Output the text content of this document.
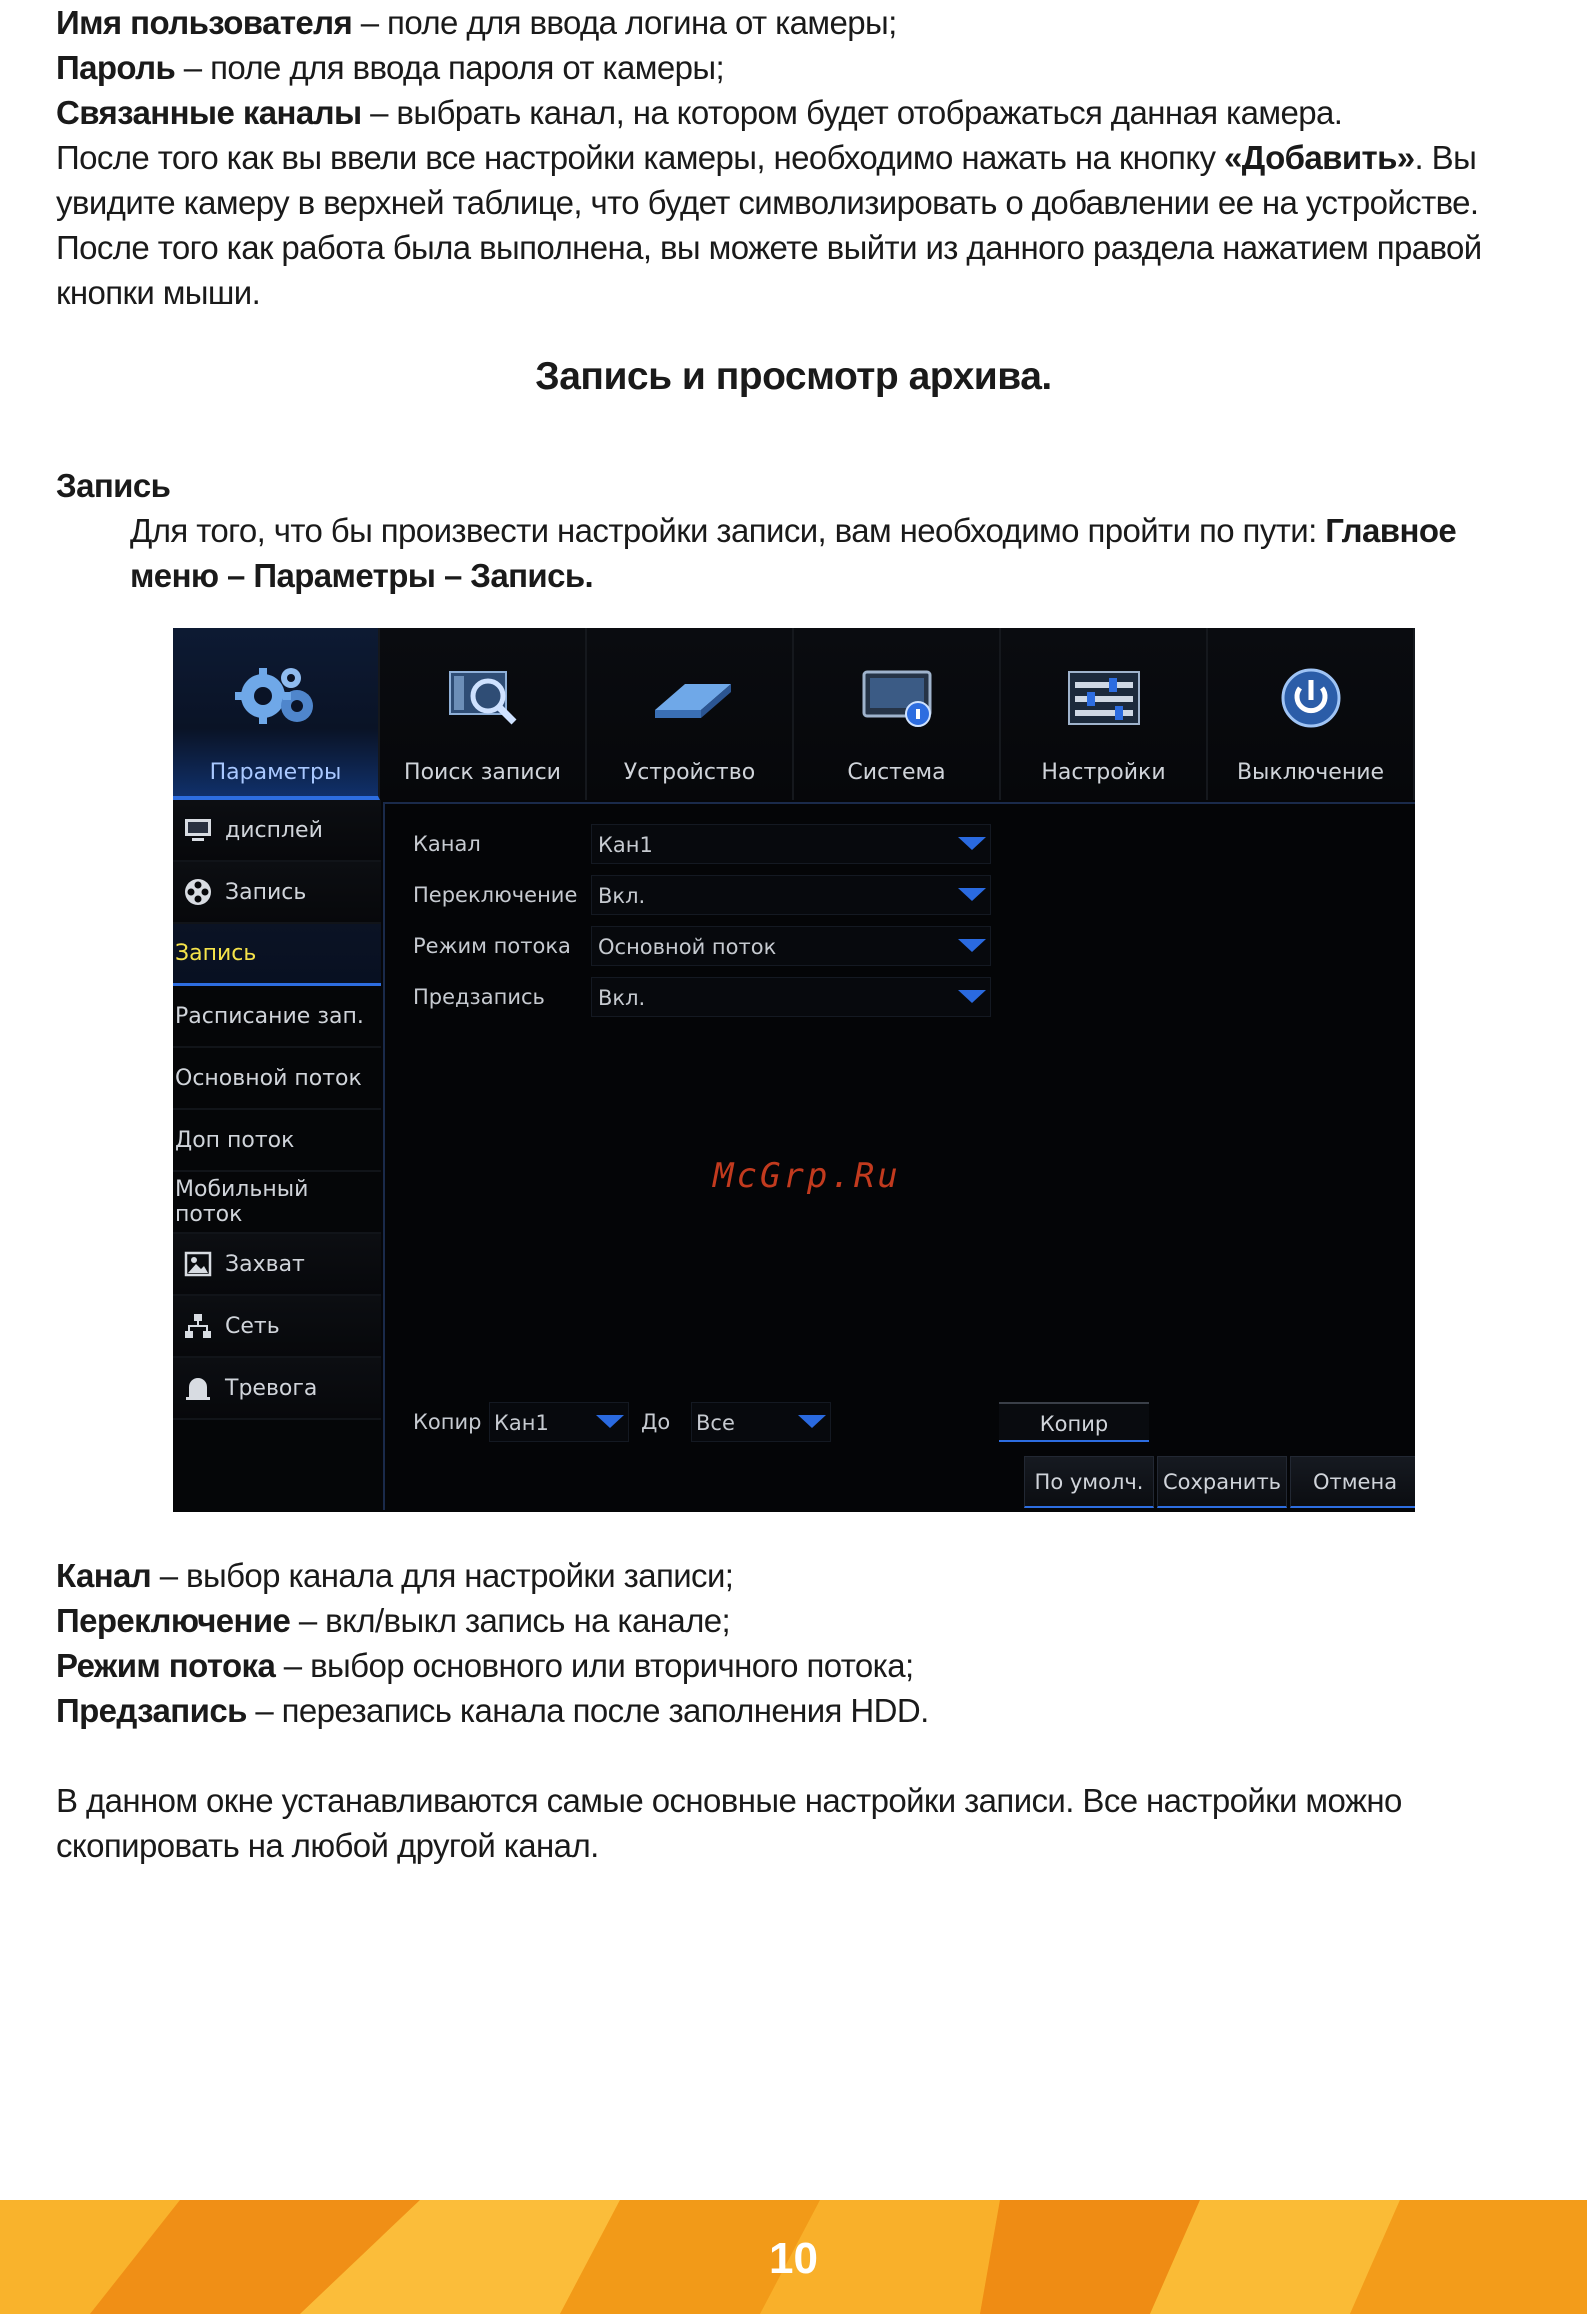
Имя пользователя – поле для ввода логина от камеры;

Пароль – поле для ввода пароля от камеры;

Связанные каналы – выбрать канал, на котором будет отображаться данная камера.

После того как вы ввели все настройки камеры, необходимо нажать на кнопку «Добавить». Вы увидите камеру в верхней таблице, что будет символизировать о добавлении ее на устройстве. После того как работа была выполнена, вы можете выйти из данного раздела нажатием правой кнопки мыши.

Запись и просмотр архива.

Запись

Для того, что бы произвести настройки записи, вам необходимо пройти по пути: Главное меню – Параметры – Запись.

Параметры	Поиск записи	Устройство	Система	Настройки	Выключение
дисплей
Запись
Запись
Расписание зап.
Основной поток
Доп поток
Мобильный поток
Захват
Сеть
Тревога
Канал	Кан1
Переключение Вкл.
Режим потока	Основной поток
Предзапись	Вкл.
McGrp.Ru
Копир Кан1	До Все	Копир
По умолч. Сохранить	Отмена

Канал – выбор канала для настройки записи;

Переключение – вкл/выкл запись на канале;

Режим потока – выбор основного или вторичного потока;

Предзапись – перезапись канала после заполнения HDD.

В данном окне устанавливаются самые основные настройки записи. Все настройки можно скопировать на любой другой канал.
10
